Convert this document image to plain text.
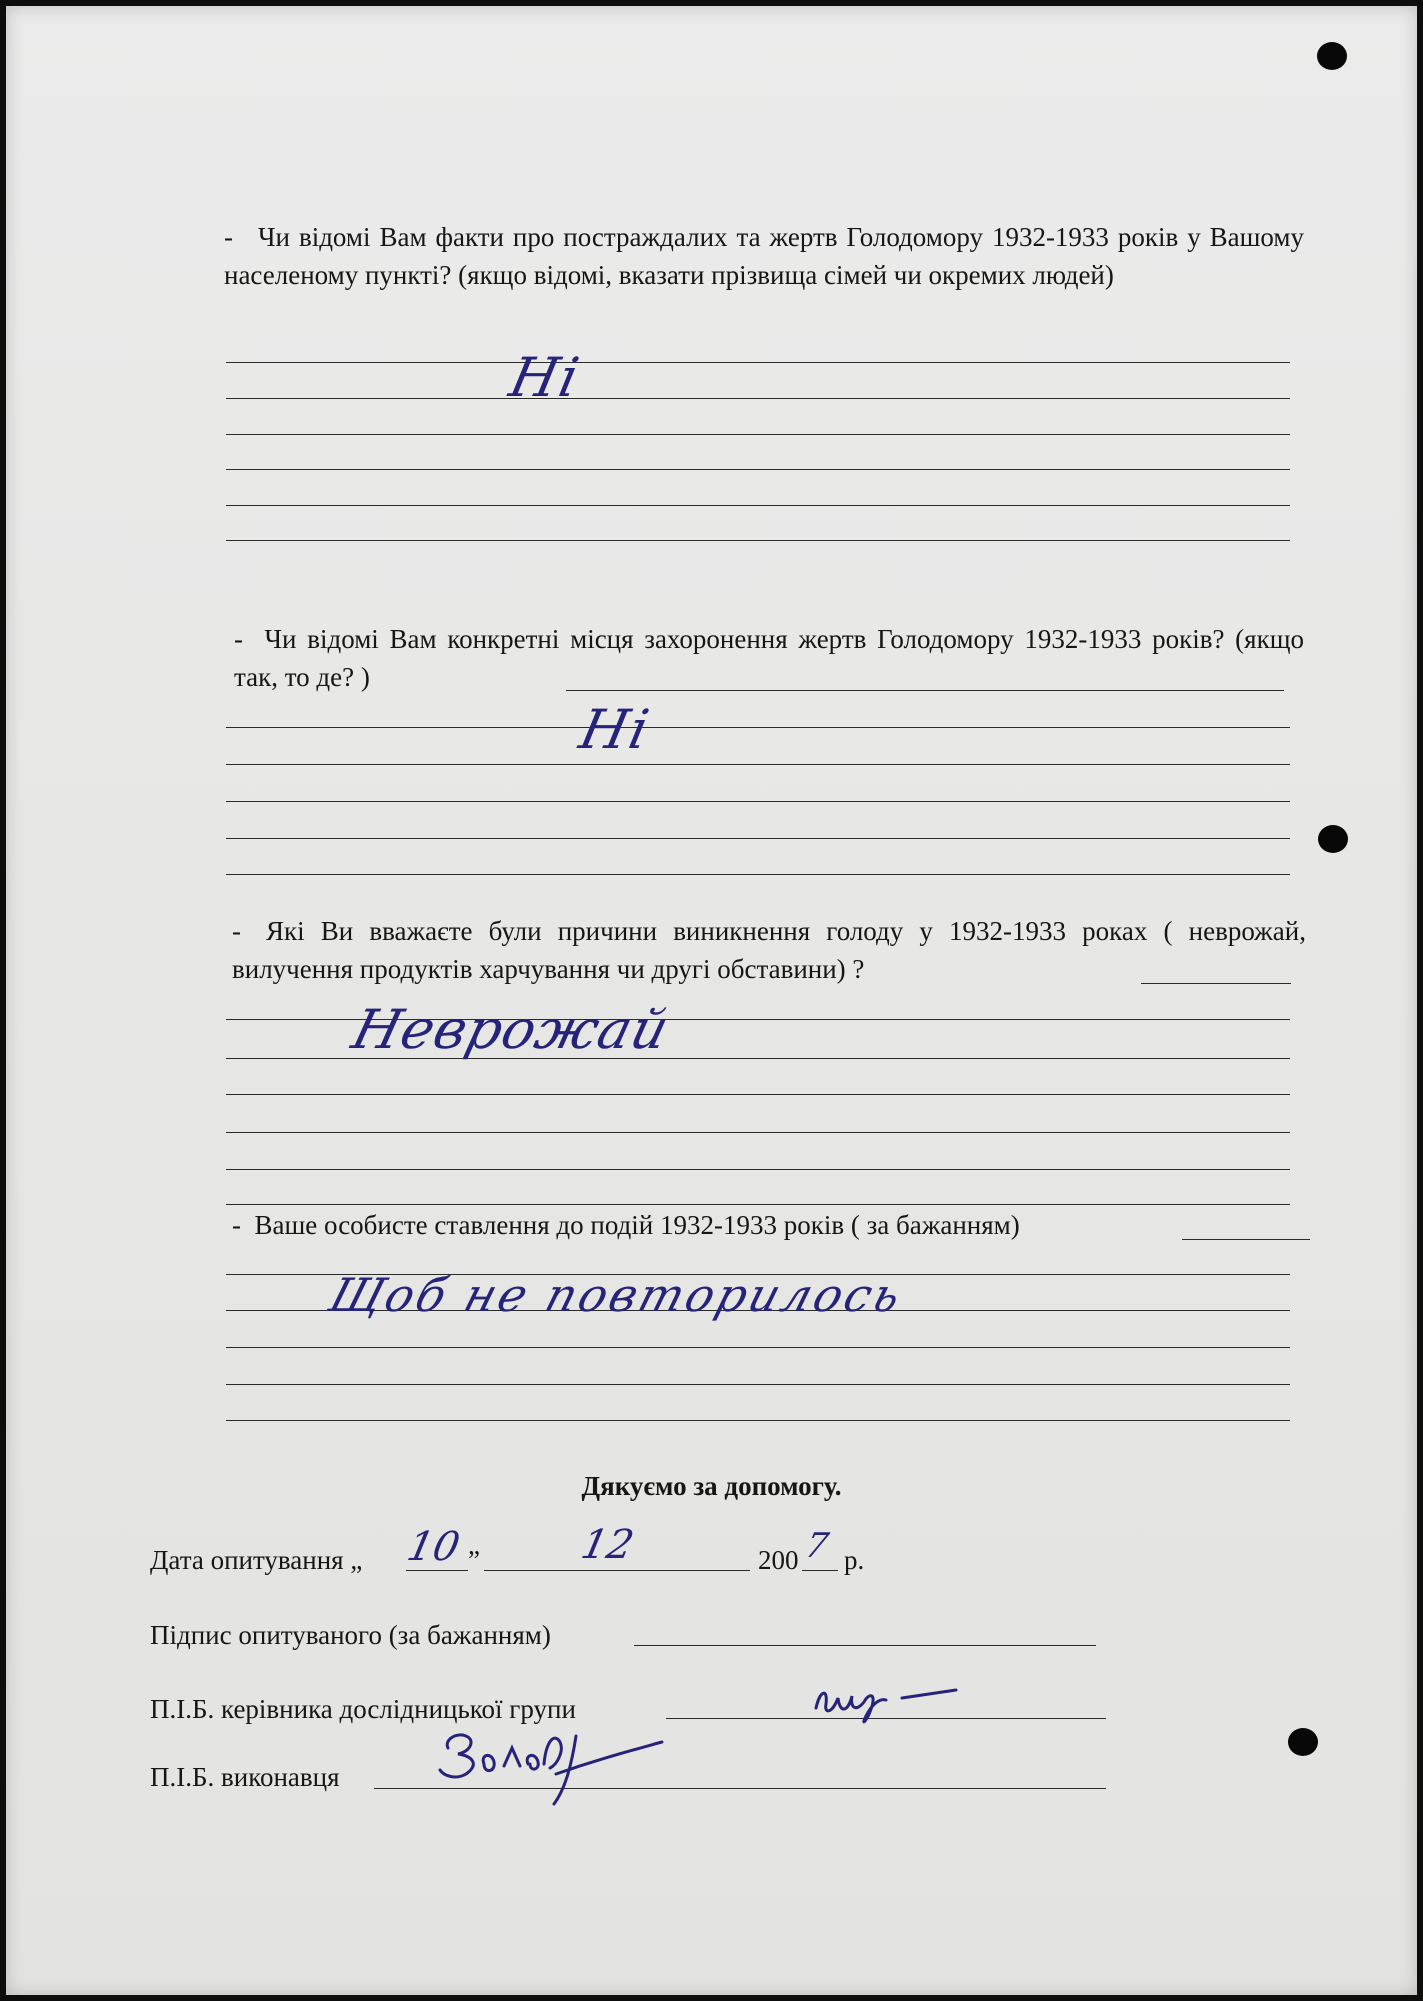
- Чи відомі Вам факти про постраждалих та жертв Голодомору 1932-1933 років у Вашому населеному пункті? (якщо відомі, вказати прізвища сімей чи окремих людей)
Ні
- Чи відомі Вам конкретні місця захоронення жертв Голодомору 1932-1933 років? (якщо так, то де? )
Ні
- Які Ви вважаєте були причини виникнення голоду у 1932-1933 роках ( неврожай, вилучення продуктів харчування чи другі обставини) ?
Неврожай
- Ваше особисте ставлення до подій 1932-1933 років ( за бажанням)
Щоб не повторилось
Дякуємо за допомогу.
Дата опитування „	”	200 р.
10	12	7
Підпис опитуваного (за бажанням)
П.І.Б. керівника дослідницької групи
П.І.Б. виконавця
